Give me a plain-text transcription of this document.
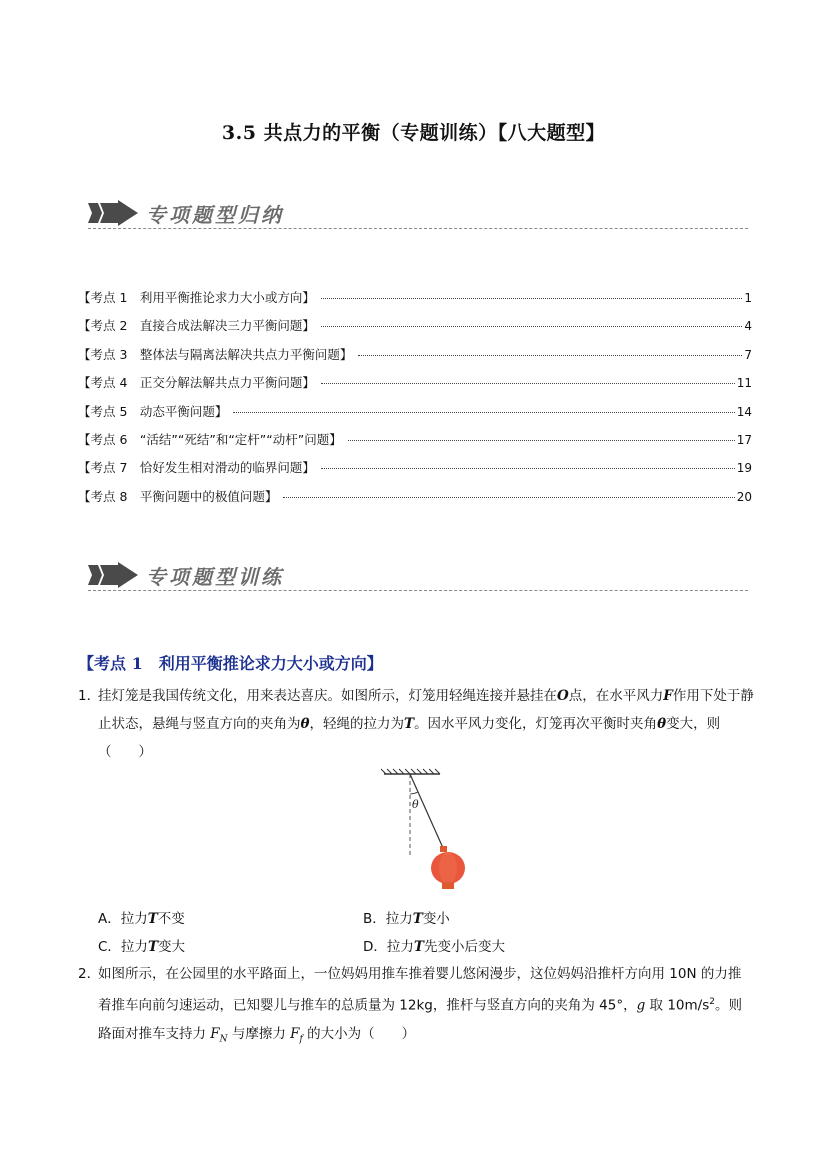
3.5 共点力的平衡（专题训练）【八大题型】
专项题型归纳
【考点 1　利用平衡推论求力大小或方向】	1
【考点 2　直接合成法解决三力平衡问题】	4
【考点 3　整体法与隔离法解决共点力平衡问题】	7
【考点 4　正交分解法解共点力平衡问题】	11
【考点 5　动态平衡问题】	14
【考点 6　“活结”“死结”和“定杆”“动杆”问题】	17
【考点 7　恰好发生相对滑动的临界问题】	19
【考点 8　平衡问题中的极值问题】	20
专项题型训练
【考点 1　利用平衡推论求力大小或方向】
1．
挂灯笼是我国传统文化，用来表达喜庆。如图所示，灯笼用轻绳连接并悬挂在O点，在水平风力F作用下处于静止状态，悬绳与竖直方向的夹角为θ，轻绳的拉力为T。因水平风力变化，灯笼再次平衡时夹角θ变大，则（　　）
θ
A．拉力T不变	B．拉力T变小
C．拉力T变大	D．拉力T先变小后变大
2．
如图所示，在公园里的水平路面上，一位妈妈用推车推着婴儿悠闲漫步，这位妈妈沿推杆方向用 10N 的力推着推车向前匀速运动，已知婴儿与推车的总质量为 12kg，推杆与竖直方向的夹角为 45°，g 取 $10m/s^2$。则路面对推车支持力 $F_N$ 与摩擦力 $F_f$ 的大小为（　　）
